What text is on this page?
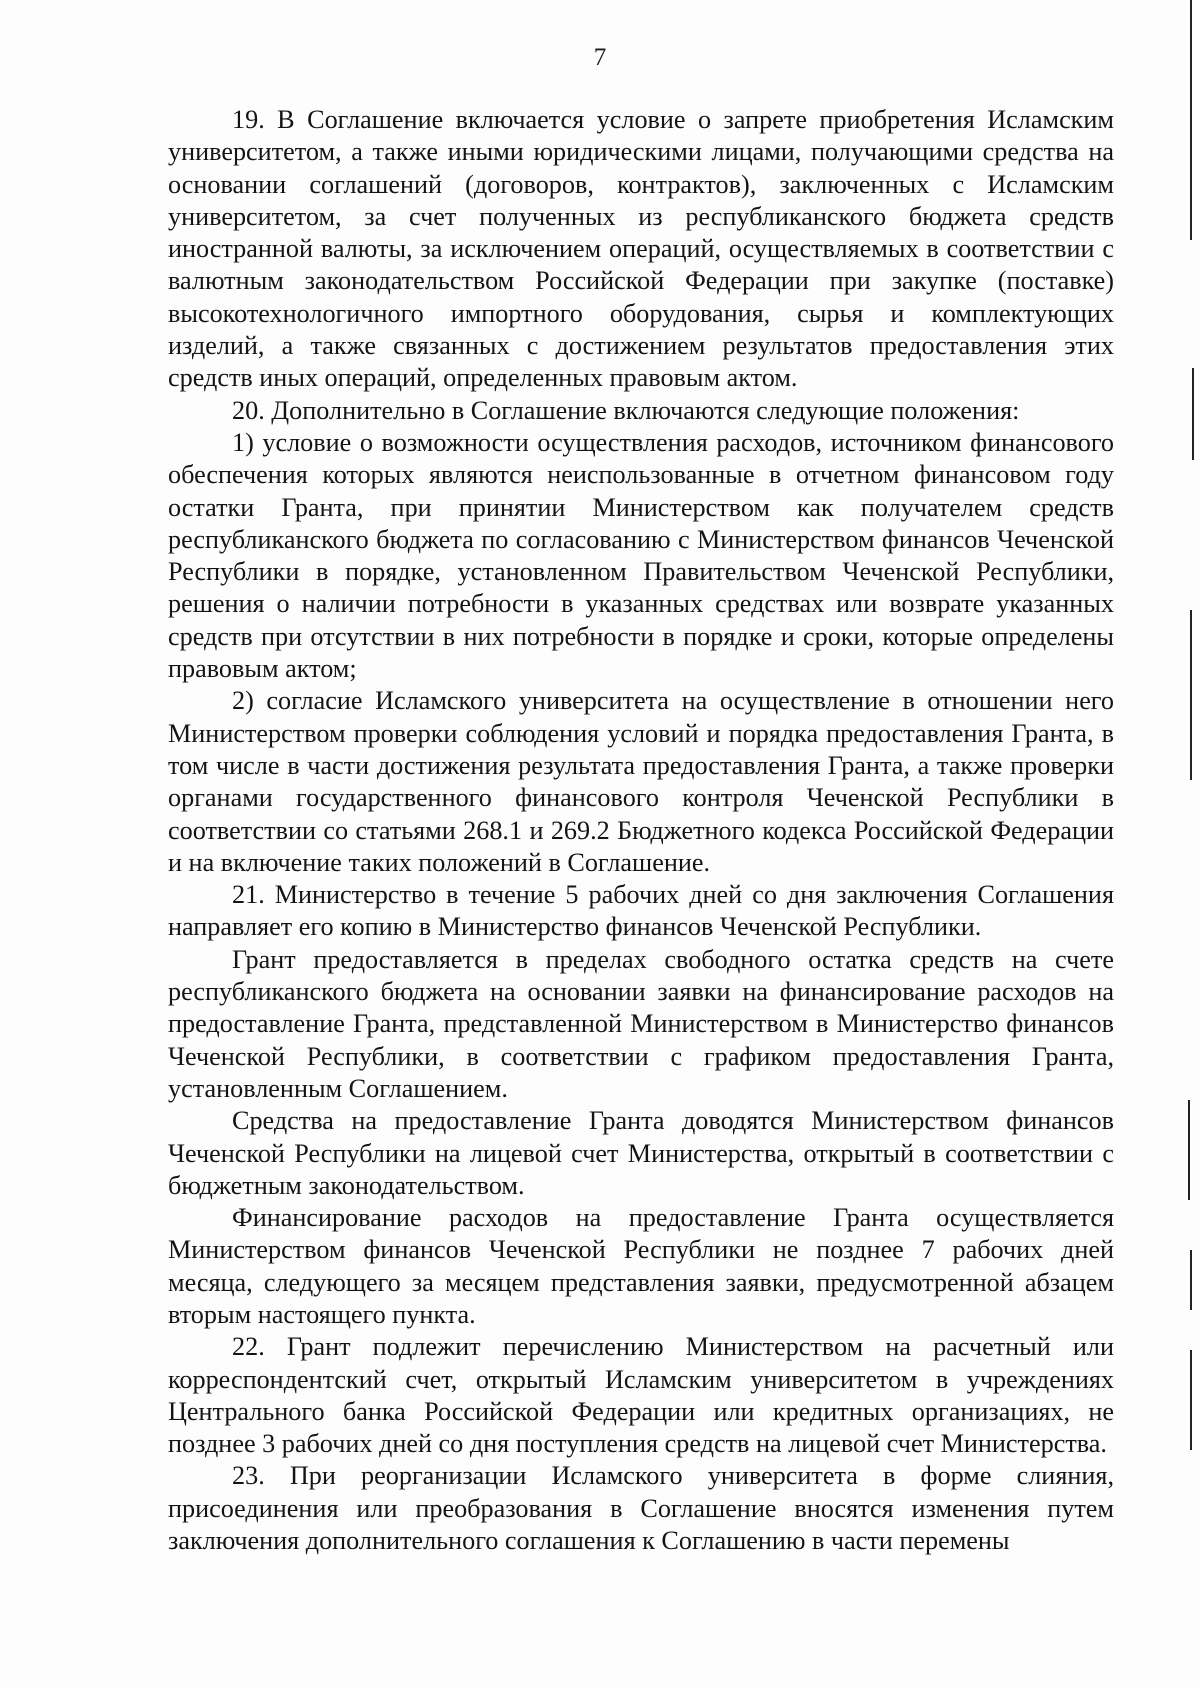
7

19. В Соглашение включается условие о запрете приобретения Исламским университетом, а также иными юридическими лицами, получающими средства на основании соглашений (договоров, контрактов), заключенных с Исламским университетом, за счет полученных из республиканского бюджета средств иностранной валюты, за исключением операций, осуществляемых в соответствии с валютным законодательством Российской Федерации при закупке (поставке) высокотехнологичного импортного оборудования, сырья и комплектующих изделий, а также связанных с достижением результатов предоставления этих средств иных операций, определенных правовым актом.

20. Дополнительно в Соглашение включаются следующие положения:

1) условие о возможности осуществления расходов, источником финансового обеспечения которых являются неиспользованные в отчетном финансовом году остатки Гранта, при принятии Министерством как получателем средств республиканского бюджета по согласованию с Министерством финансов Чеченской Республики в порядке, установленном Правительством Чеченской Республики, решения о наличии потребности в указанных средствах или возврате указанных средств при отсутствии в них потребности в порядке и сроки, которые определены правовым актом;

2) согласие Исламского университета на осуществление в отношении него Министерством проверки соблюдения условий и порядка предоставления Гранта, в том числе в части достижения результата предоставления Гранта, а также проверки органами государственного финансового контроля Чеченской Республики в соответствии со статьями 268.1 и 269.2 Бюджетного кодекса Российской Федерации и на включение таких положений в Соглашение.

21. Министерство в течение 5 рабочих дней со дня заключения Соглашения направляет его копию в Министерство финансов Чеченской Республики.

Грант предоставляется в пределах свободного остатка средств на счете республиканского бюджета на основании заявки на финансирование расходов на предоставление Гранта, представленной Министерством в Министерство финансов Чеченской Республики, в соответствии с графиком предоставления Гранта, установленным Соглашением.

Средства на предоставление Гранта доводятся Министерством финансов Чеченской Республики на лицевой счет Министерства, открытый в соответствии с бюджетным законодательством.

Финансирование расходов на предоставление Гранта осуществляется Министерством финансов Чеченской Республики не позднее 7 рабочих дней месяца, следующего за месяцем представления заявки, предусмотренной абзацем вторым настоящего пункта.

22. Грант подлежит перечислению Министерством на расчетный или корреспондентский счет, открытый Исламским университетом в учреждениях Центрального банка Российской Федерации или кредитных организациях, не позднее 3 рабочих дней со дня поступления средств на лицевой счет Министерства.

23. При реорганизации Исламского университета в форме слияния, присоединения или преобразования в Соглашение вносятся изменения путем заключения дополнительного соглашения к Соглашению в части перемены
